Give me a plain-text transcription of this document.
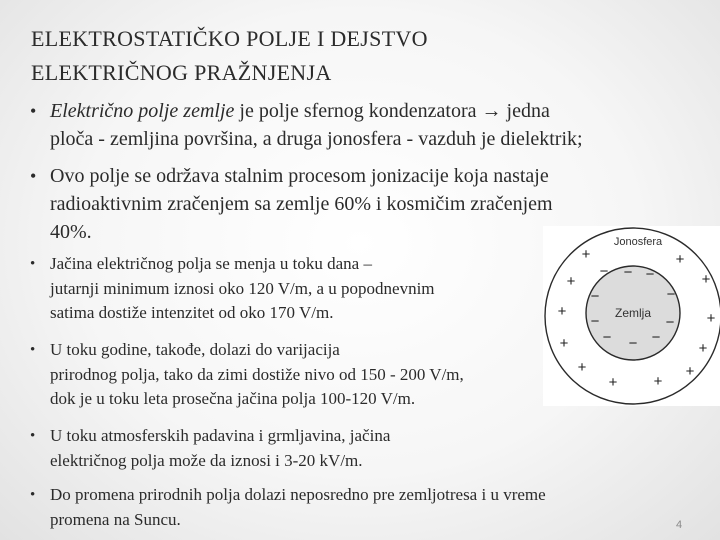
ELEKTROSTATIČKO POLJE I DEJSTVO
ELEKTRIČNOG PRAŽNJENJA
• Električno polje zemlje je polje sfernog kondenzatora → jedna
ploča - zemljina površina, a druga jonosfera - vazduh je dielektrik;
• Ovo polje se održava stalnim procesom jonizacije koja nastaje
radioaktivnim zračenjem sa zemlje 60% i kosmičim zračenjem
40%.
• Jačina električnog polja se menja u toku dana –
jutarnji minimum iznosi oko 120 V/m, a u popodnevnim
satima dostiže intenzitet od oko 170 V/m.
• U toku godine, takođe, dolazi do varijacija
prirodnog polja, tako da zimi dostiže nivo od 150 - 200 V/m,
dok je u toku leta prosečna jačina polja 100-120 V/m.
• U toku atmosferskih padavina i grmljavina, jačina
električnog polja može da iznosi i 3-20 kV/m.
• Do promena prirodnih polja dolazi neposredno pre zemljotresa i u vreme
promena na Suncu.
Jonosfera
Zemlja
+	+
+	+
+	+
+	+
+	+
+ +
− − −
−	−
−	−
− − −
4
